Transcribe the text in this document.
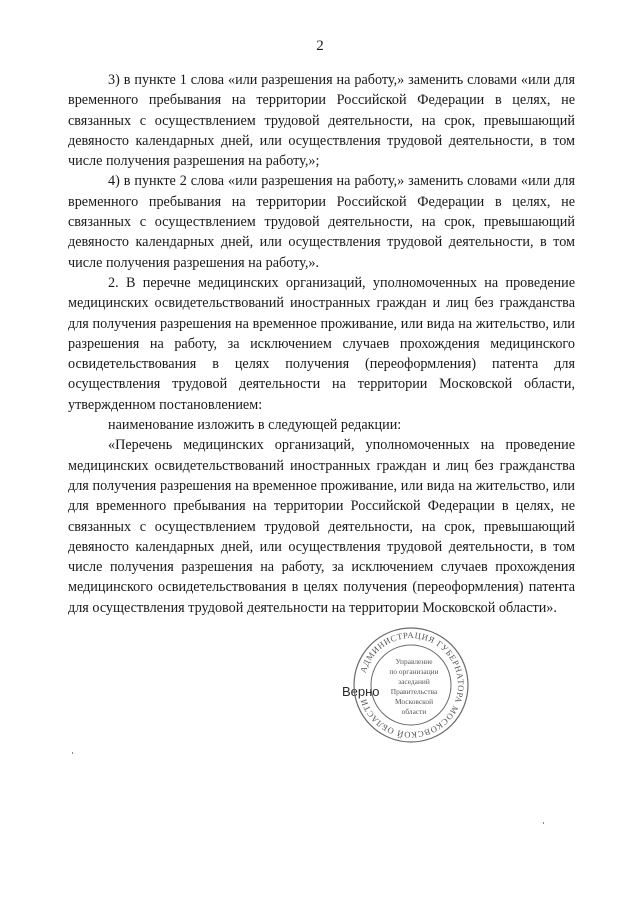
2

3) в пункте 1 слова «или разрешения на работу,» заменить словами «или для временного пребывания на территории Российской Федерации в целях, не связанных с осуществлением трудовой деятельности, на срок, превышающий девяносто календарных дней, или осуществления трудовой деятельности, в том числе получения разрешения на работу,»;

4) в пункте 2 слова «или разрешения на работу,» заменить словами «или для временного пребывания на территории Российской Федерации в целях, не связанных с осуществлением трудовой деятельности, на срок, превышающий девяносто календарных дней, или осуществления трудовой деятельности, в том числе получения разрешения на работу,».

2. В перечне медицинских организаций, уполномоченных на проведение медицинских освидетельствований иностранных граждан и лиц без гражданства для получения разрешения на временное проживание, или вида на жительство, или разрешения на работу, за исключением случаев прохождения медицинского освидетельствования в целях получения (переоформления) патента для осуществления трудовой деятельности на территории Московской области, утвержденном постановлением:

наименование изложить в следующей редакции:

«Перечень медицинских организаций, уполномоченных на проведение медицинских освидетельствований иностранных граждан и лиц без гражданства для получения разрешения на временное проживание, или вида на жительство, или для временного пребывания на территории Российской Федерации в целях, не связанных с осуществлением трудовой деятельности, на срок, превышающий девяносто календарных дней, или осуществления трудовой деятельности, в том числе получения разрешения на работу, за исключением случаев прохождения медицинского освидетельствования в целях получения (переоформления) патента для осуществления трудовой деятельности на территории Московской области».

Верно
АДМИНИСТРАЦИЯ ГУБЕРНАТОРА МОСКОВСКОЙ ОБЛАСТИ
Управление
по организации
заседаний
Правительства
Московской
области
